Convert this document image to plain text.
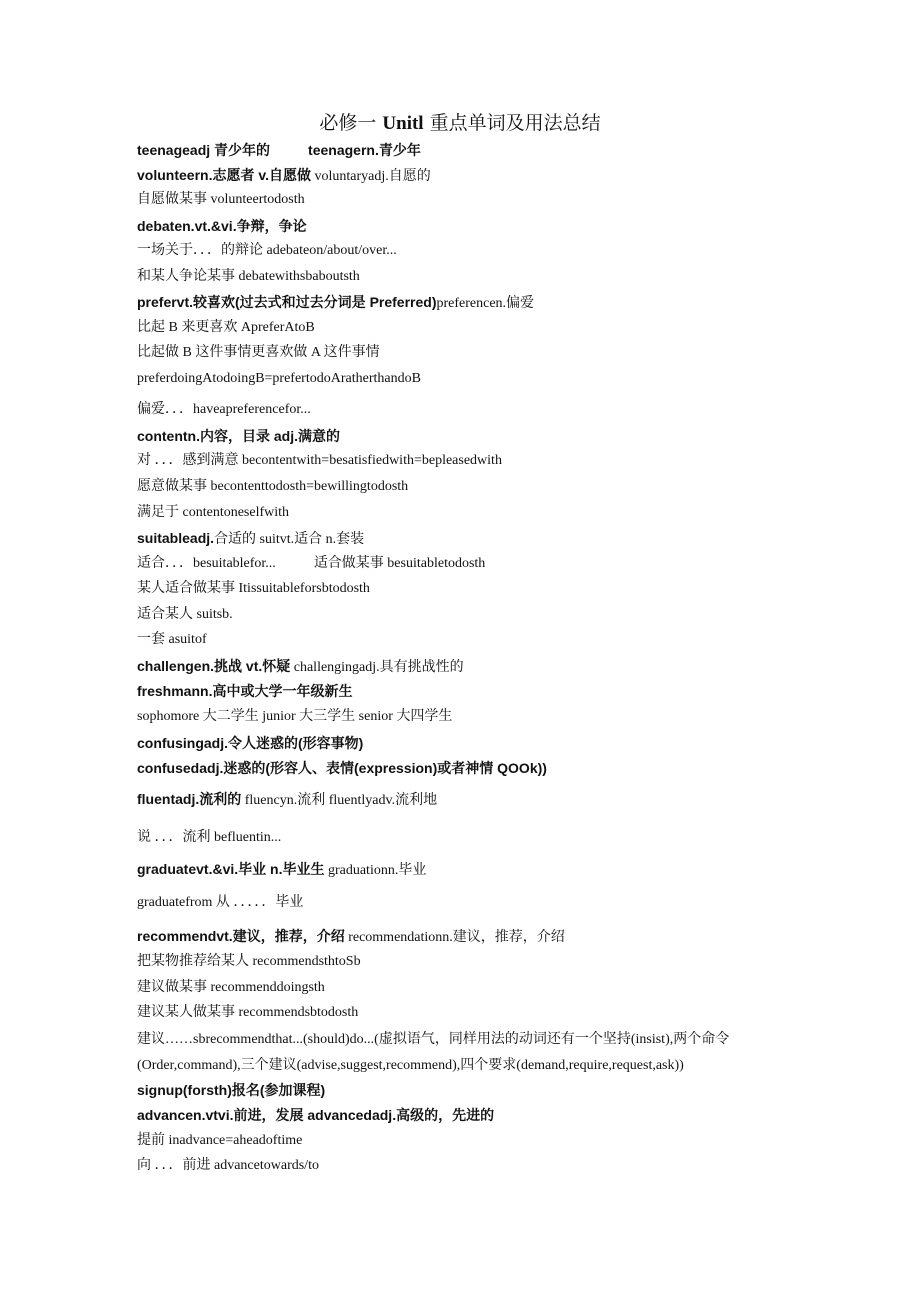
必修一 Unitl 重点单词及用法总结
teenageadj 青少年的	teenagern.青少年
volunteern.志愿者 v.自愿做 voluntaryadj.自愿的
自愿做某事 volunteertodosth
debaten.vt.&vi.争辩，争论
一场关于．．．的辩论 adebateon/about/over...
和某人争论某事 debatewithsbaboutsth
prefervt.较喜欢(过去式和过去分词是 Preferred)preferencen.偏爱
比起 B 来更喜欢 ApreferAtoB
比起做 B 这件事情更喜欢做 A 这件事情
preferdoingAtodoingB=prefertodoAratherthandoB
偏爱．．．haveapreferencefor...
contentn.内容，目录 adj.满意的
对 ．．．感到满意 becontentwith=besatisfiedwith=bepleasedwith
愿意做某事 becontenttodosth=bewillingtodosth
满足于 contentoneselfwith
suitableadj.合适的 suitvt.适合 n.套装
适合．．．besuitablefor...	适合做某事 besuitabletodosth
某人适合做某事 Itissuitableforsbtodosth
适合某人 suitsb.
一套 asuitof
challengen.挑战 vt.怀疑 challengingadj.具有挑战性的
freshmann.高中或大学一年级新生
sophomore 大二学生 junior 大三学生 senior 大四学生
confusingadj.令人迷惑的(形容事物)
confusedadj.迷惑的(形容人、表情(expression)或者神情 QOOk))
fluentadj.流利的 fluencyn.流利 fluentlyadv.流利地
说 ．．．流利 befluentin...
graduatevt.&vi.毕业 n.毕业生 graduationn.毕业
graduatefrom 从 ．．．．．毕业
recommendvt.建议，推荐，介绍 recommendationn.建议，推荐，介绍
把某物推荐给某人 recommendsthtoSb
建议做某事 recommenddoingsth
建议某人做某事 recommendsbtodosth
建议……sbrecommendthat...(should)do...(虚拟语气，同样用法的动词还有一个坚持(insist),两个命令(Order,command),三个建议(advise,suggest,recommend),四个要求(demand,require,request,ask))
signup(forsth)报名(参加课程)
advancen.vtvi.前进，发展 advancedadj.高级的，先进的
提前 inadvance=aheadoftime
向 ．．．前进 advancetowards/to
